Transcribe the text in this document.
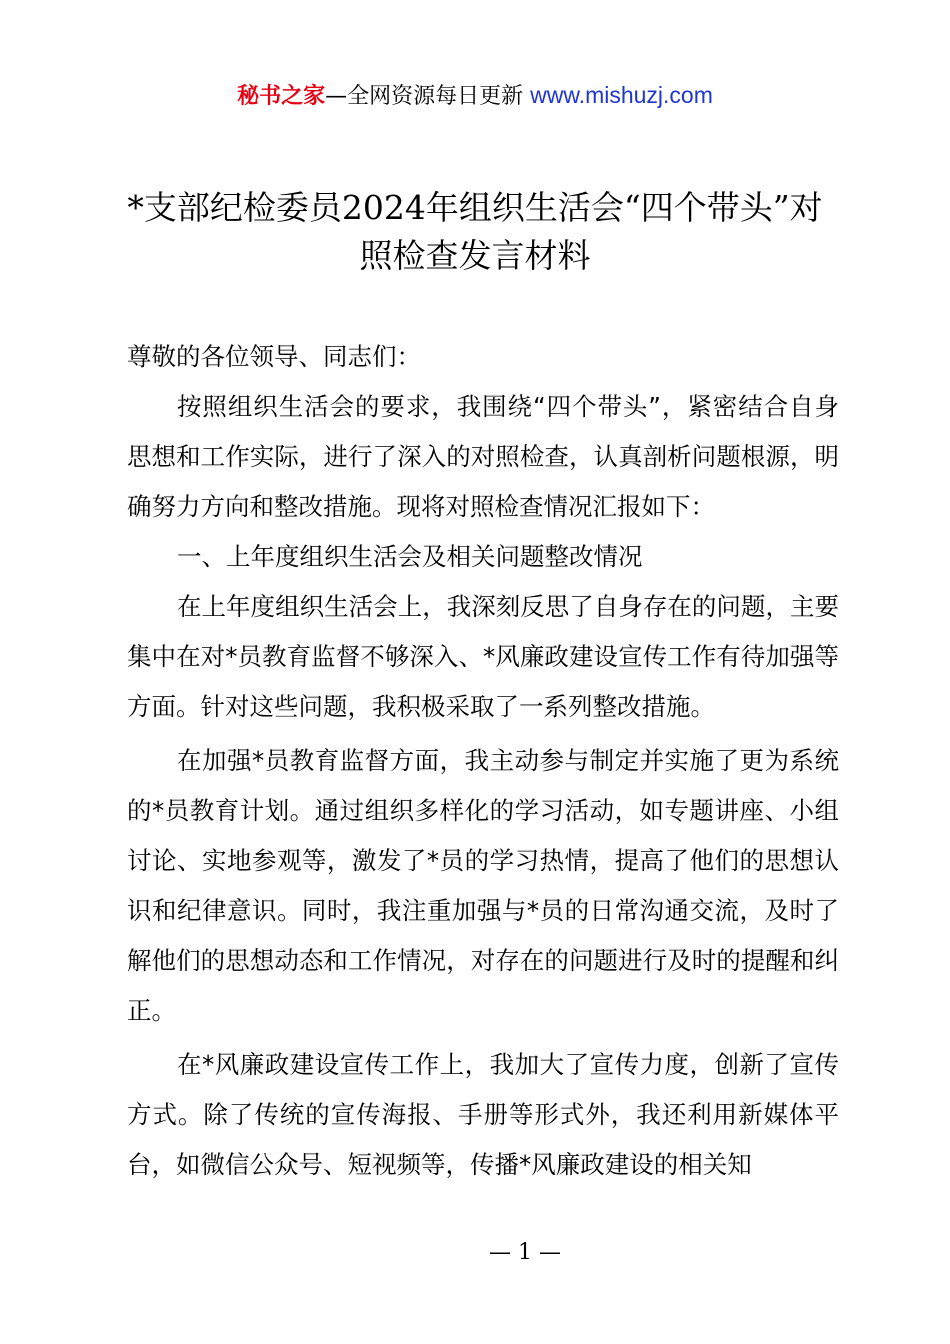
秘书之家—全网资源每日更新 www.mishuzj.com
*支部纪检委员2024年组织生活会“四个带头”对照检查发言材料

尊敬的各位领导、同志们：

按照组织生活会的要求，我围绕“四个带头”，紧密结合自身思想和工作实际，进行了深入的对照检查，认真剖析问题根源，明确努力方向和整改措施。现将对照检查情况汇报如下：

一、上年度组织生活会及相关问题整改情况

在上年度组织生活会上，我深刻反思了自身存在的问题，主要集中在对*员教育监督不够深入、*风廉政建设宣传工作有待加强等方面。针对这些问题，我积极采取了一系列整改措施。

在加强*员教育监督方面，我主动参与制定并实施了更为系统的*员教育计划。通过组织多样化的学习活动，如专题讲座、小组讨论、实地参观等，激发了*员的学习热情，提高了他们的思想认识和纪律意识。同时，我注重加强与*员的日常沟通交流，及时了解他们的思想动态和工作情况，对存在的问题进行及时的提醒和纠正。

在*风廉政建设宣传工作上，我加大了宣传力度，创新了宣传方式。除了传统的宣传海报、手册等形式外，我还利用新媒体平台，如微信公众号、短视频等，传播*风廉政建设的相关知

— 1 —
